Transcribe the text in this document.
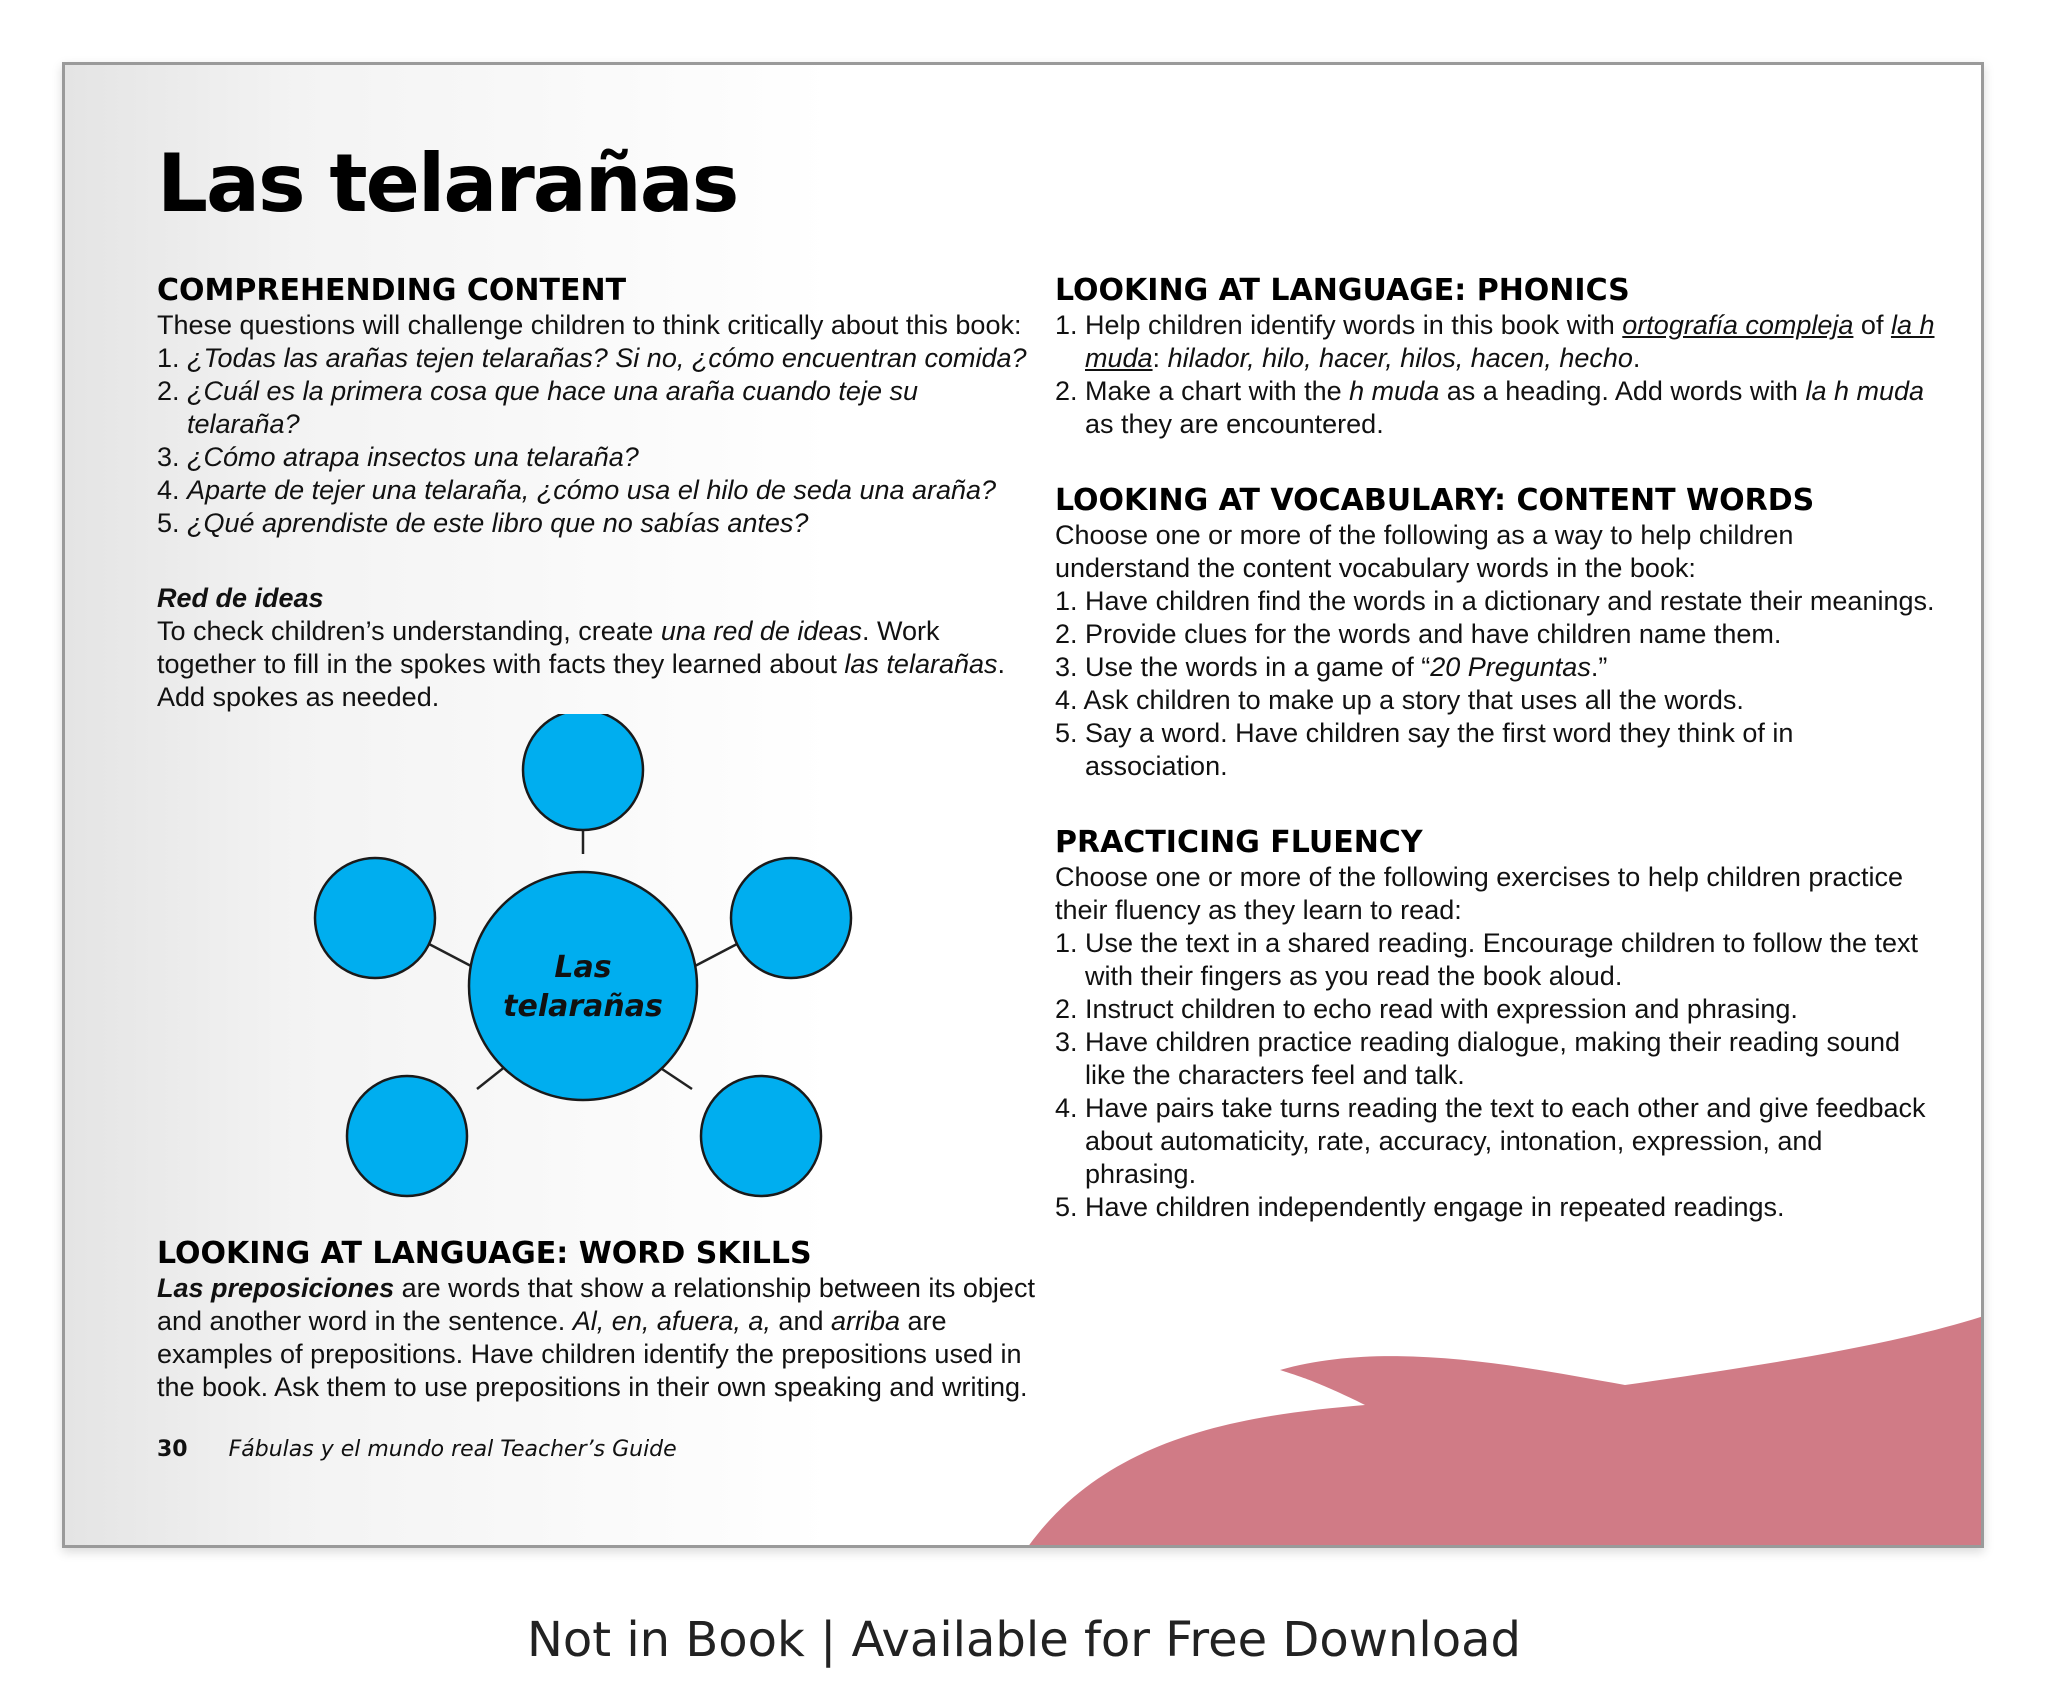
Las telarañas
COMPREHENDING CONTENT

These questions will challenge children to think critically about this book:

1. ¿Todas las arañas tejen telarañas? Si no, ¿cómo encuentran comida?
2. ¿Cuál es la primera cosa que hace una araña cuando teje su telaraña?
3. ¿Cómo atrapa insectos una telaraña?
4. Aparte de tejer una telaraña, ¿cómo usa el hilo de seda una araña?
5. ¿Qué aprendiste de este libro que no sabías antes?

Red de ideas

To check children’s understanding, create una red de ideas. Work together to fill in the spokes with facts they learned about las telarañas. Add spokes as needed.

Las
telarañas
LOOKING AT LANGUAGE: WORD SKILLS

Las preposiciones are words that show a relationship between its object and another word in the sentence. Al, en, afuera, a, and arriba are examples of prepositions. Have children identify the prepositions used in the book. Ask them to use prepositions in their own speaking and writing.

LOOKING AT LANGUAGE: PHONICS
1. Help children identify words in this book with ortografía compleja of la h muda: hilador, hilo, hacer, hilos, hacen, hecho.
2. Make a chart with the h muda as a heading. Add words with la h muda as they are encountered.
LOOKING AT VOCABULARY: CONTENT WORDS

Choose one or more of the following as a way to help children understand the content vocabulary words in the book:

1. Have children find the words in a dictionary and restate their meanings.
2. Provide clues for the words and have children name them.
3. Use the words in a game of “20 Preguntas.”
4. Ask children to make up a story that uses all the words.
5. Say a word. Have children say the first word they think of in association.
PRACTICING FLUENCY

Choose one or more of the following exercises to help children practice their fluency as they learn to read:

1. Use the text in a shared reading. Encourage children to follow the text with their fingers as you read the book aloud.
2. Instruct children to echo read with expression and phrasing.
3. Have children practice reading dialogue, making their reading sound like the characters feel and talk.
4. Have pairs take turns reading the text to each other and give feedback about automaticity, rate, accuracy, intonation, expression, and phrasing.
5. Have children independently engage in repeated readings.
30 Fábulas y el mundo real Teacher’s Guide
Not in Book | Available for Free Download
